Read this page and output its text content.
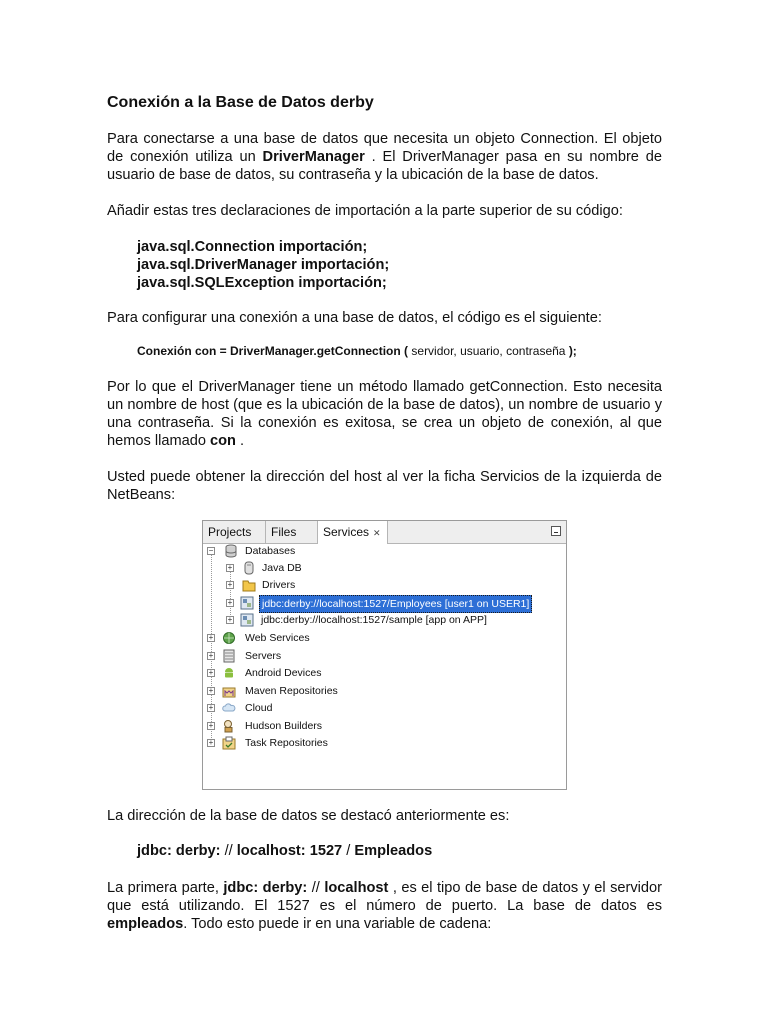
Conexión a la Base de Datos derby
Para conectarse a una base de datos que necesita un objeto Connection. El objeto de conexión utiliza un DriverManager . El DriverManager pasa en su nombre de usuario de base de datos, su contraseña y la ubicación de la base de datos.
Añadir estas tres declaraciones de importación a la parte superior de su código:
java.sql.Connection importación;
java.sql.DriverManager importación;
java.sql.SQLException importación;
Para configurar una conexión a una base de datos, el código es el siguiente:
Conexión con = DriverManager.getConnection ( servidor, usuario, contraseña );
Por lo que el DriverManager tiene un método llamado getConnection. Esto necesita un nombre de host (que es la ubicación de la base de datos), un nombre de usuario y una contraseña. Si la conexión es exitosa, se crea un objeto de conexión, al que hemos llamado con .
Usted puede obtener la dirección del host al ver la ficha Servicios de la izquierda de NetBeans:
La dirección de la base de datos se destacó anteriormente es:
jdbc: derby: // localhost: 1527 / Empleados
La primera parte, jdbc: derby: // localhost , es el tipo de base de datos y el servidor que está utilizando. El 1527 es el número de puerto. La base de datos es empleados. Todo esto puede ir en una variable de cadena:
Projects	Files	Services ✕
−	Databases
+	Java DB
+	Drivers
+	jdbc:derby://localhost:1527/Employees [user1 on USER1]
+	jdbc:derby://localhost:1527/sample [app on APP]
+	Web Services
+	Servers
+	Android Devices
+	Maven Repositories
+	Cloud
+	Hudson Builders
+	Task Repositories
